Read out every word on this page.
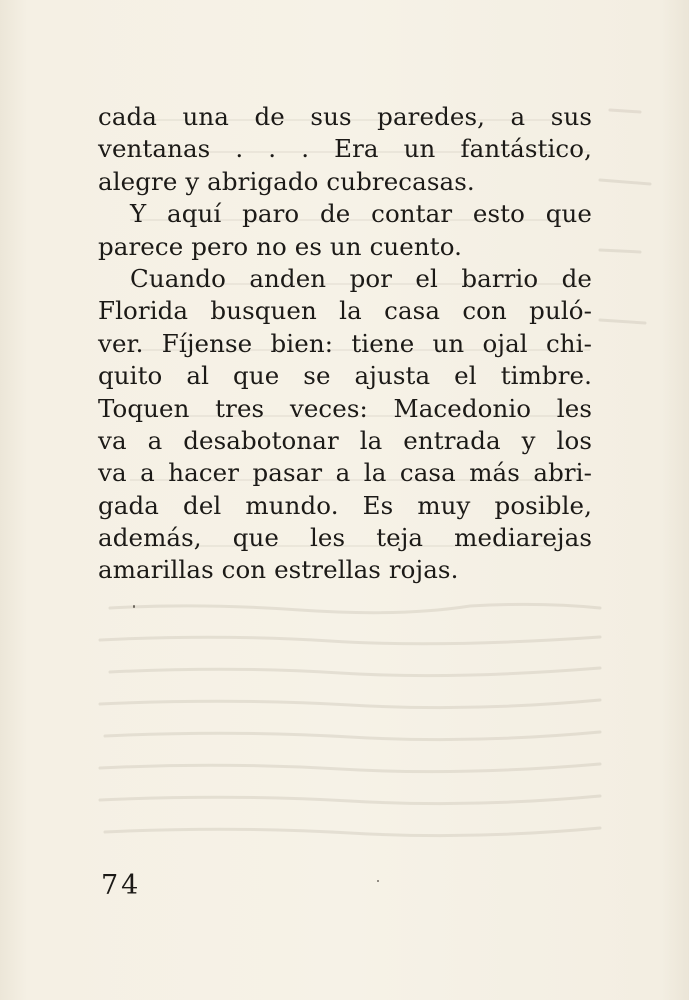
cada una de sus paredes, a sus
ventanas . . . Era un fantástico,
alegre y abrigado cubrecasas.
Y aquí paro de contar esto que
parece pero no es un cuento.
Cuando anden por el barrio de
Florida busquen la casa con puló-
ver. Fíjense bien: tiene un ojal chi-
quito al que se ajusta el timbre.
Toquen tres veces: Macedonio les
va a desabotonar la entrada y los
va a hacer pasar a la casa más abri-
gada del mundo. Es muy posible,
además, que les teja mediarejas
amarillas con estrellas rojas.
74
